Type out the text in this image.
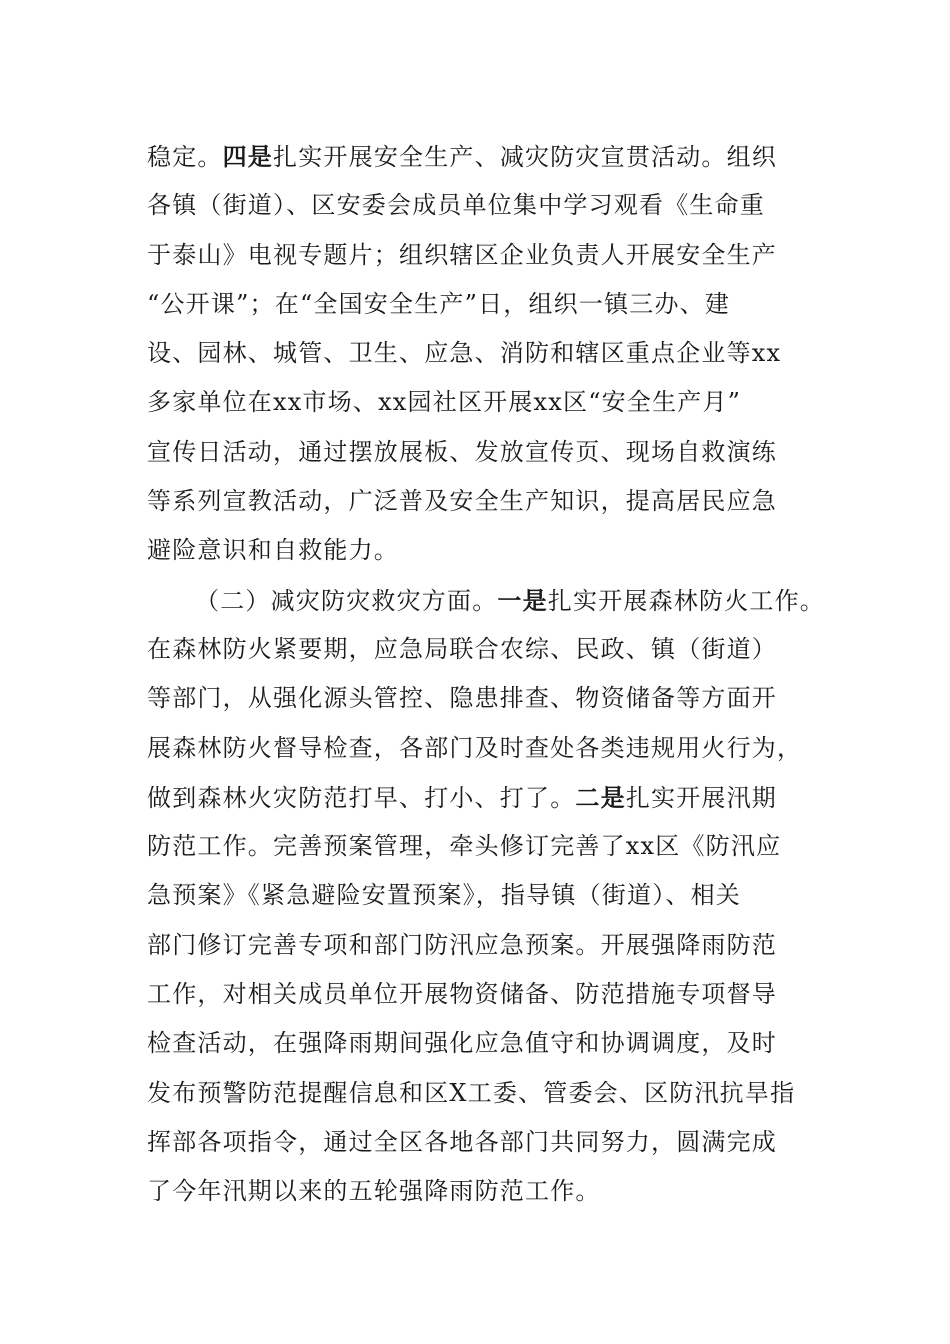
稳定。四是扎实开展安全生产、减灾防灾宣贯活动。组织
各镇（街道）、区安委会成员单位集中学习观看《生命重
于泰山》电视专题片；组织辖区企业负责人开展安全生产
“公开课”；在“全国安全生产”日，组织一镇三办、建
设、园林、城管、卫生、应急、消防和辖区重点企业等xx
多家单位在xx市场、xx园社区开展xx区“安全生产月”
宣传日活动，通过摆放展板、发放宣传页、现场自救演练
等系列宣教活动，广泛普及安全生产知识，提高居民应急
避险意识和自救能力。
（二）减灾防灾救灾方面。一是扎实开展森林防火工作。
在森林防火紧要期，应急局联合农综、民政、镇（街道）
等部门，从强化源头管控、隐患排查、物资储备等方面开
展森林防火督导检查，各部门及时查处各类违规用火行为，
做到森林火灾防范打早、打小、打了。二是扎实开展汛期
防范工作。完善预案管理，牵头修订完善了xx区《防汛应
急预案》《紧急避险安置预案》，指导镇（街道）、相关
部门修订完善专项和部门防汛应急预案。开展强降雨防范
工作，对相关成员单位开展物资储备、防范措施专项督导
检查活动，在强降雨期间强化应急值守和协调调度，及时
发布预警防范提醒信息和区X工委、管委会、区防汛抗旱指
挥部各项指令，通过全区各地各部门共同努力，圆满完成
了今年汛期以来的五轮强降雨防范工作。
